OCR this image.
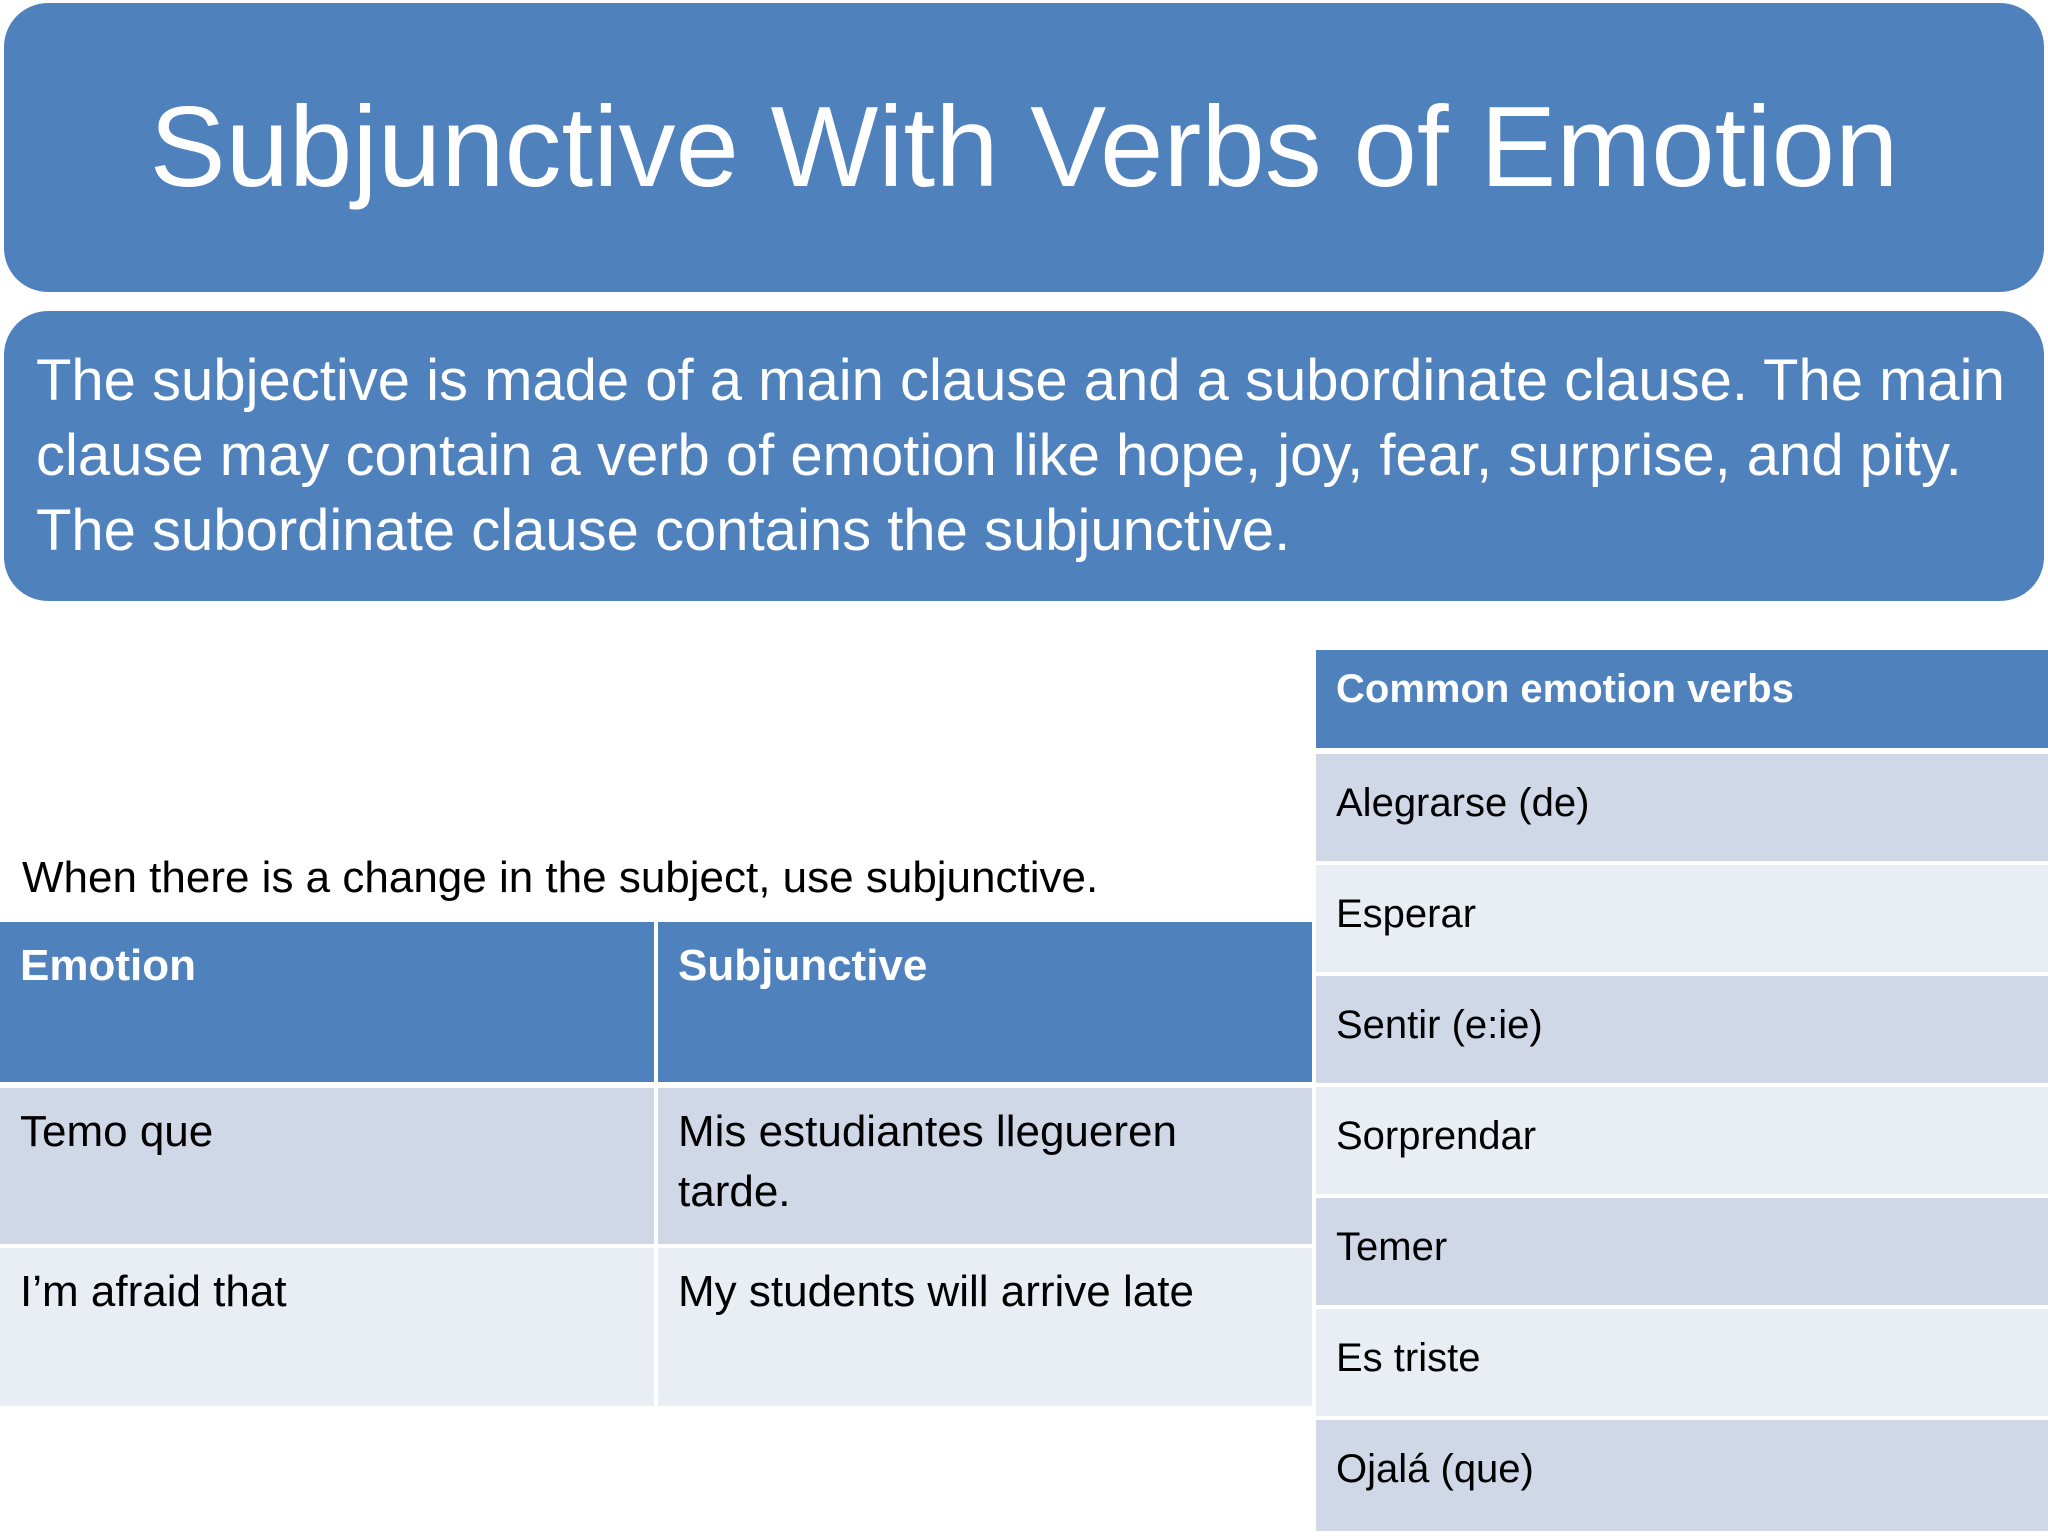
Subjunctive With Verbs of Emotion

The subjective is made of a main clause and a subordinate clause. The main clause may contain a verb of emotion like hope, joy, fear, surprise, and pity. The subordinate clause contains the subjunctive.

When there is a change in the subject, use subjunctive.
Emotion	Subjunctive
Temo que	Mis estudiantes llegueren tarde.
I’m afraid that	My students will arrive late
Common emotion verbs
Alegrarse (de)
Esperar
Sentir (e:ie)
Sorprendar
Temer
Es triste
Ojalá (que)
